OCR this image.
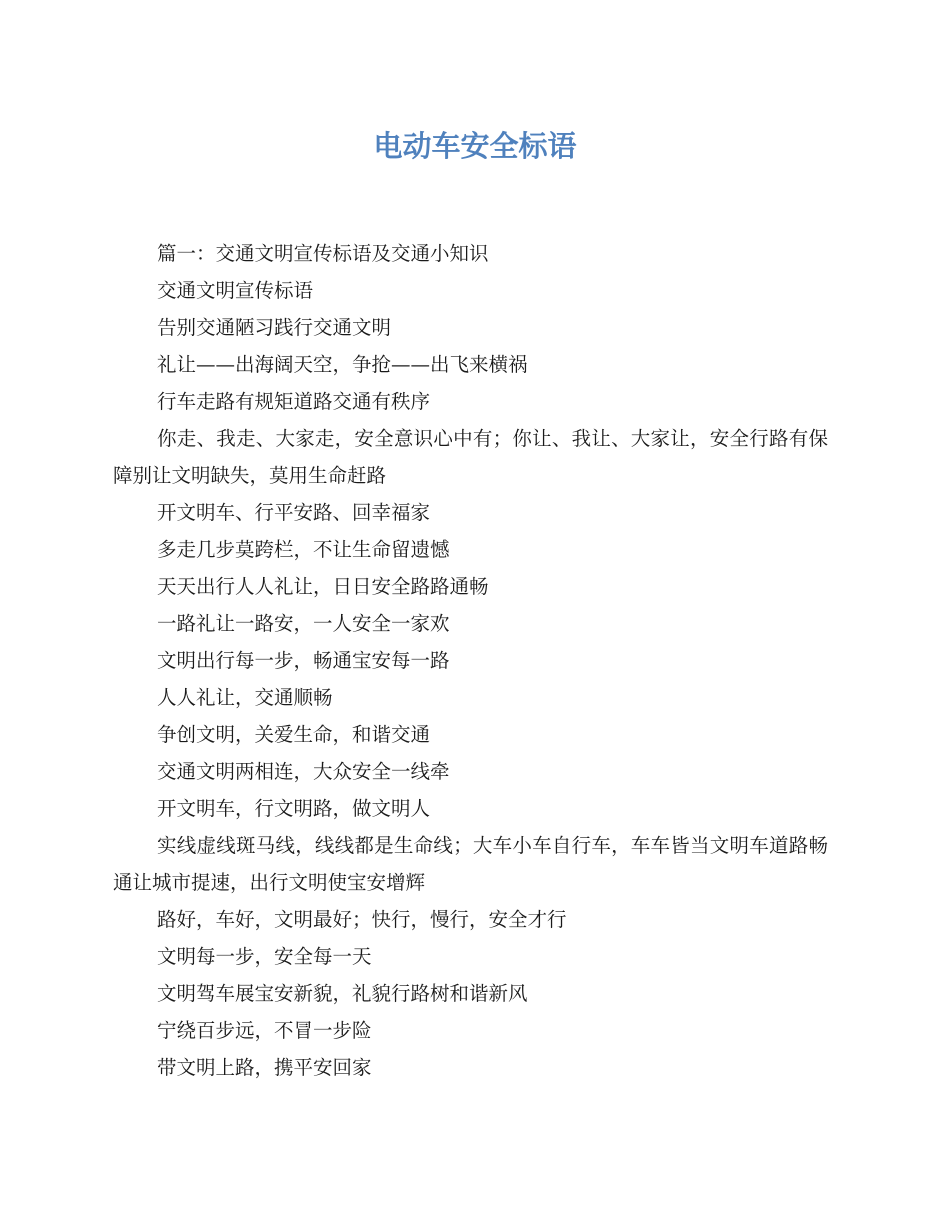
电动车安全标语

篇一：交通文明宣传标语及交通小知识

交通文明宣传标语

告别交通陋习践行交通文明

礼让——出海阔天空，争抢——出飞来横祸

行车走路有规矩道路交通有秩序

你走、我走、大家走，安全意识心中有；你让、我让、大家让，安全行路有保障别让文明缺失，莫用生命赶路

开文明车、行平安路、回幸福家

多走几步莫跨栏，不让生命留遗憾

天天出行人人礼让，日日安全路路通畅

一路礼让一路安，一人安全一家欢

文明出行每一步，畅通宝安每一路

人人礼让，交通顺畅

争创文明，关爱生命，和谐交通

交通文明两相连，大众安全一线牵

开文明车，行文明路，做文明人

实线虚线斑马线，线线都是生命线；大车小车自行车，车车皆当文明车道路畅通让城市提速，出行文明使宝安增辉

路好，车好，文明最好；快行，慢行，安全才行

文明每一步，安全每一天

文明驾车展宝安新貌，礼貌行路树和谐新风

宁绕百步远，不冒一步险

带文明上路，携平安回家
